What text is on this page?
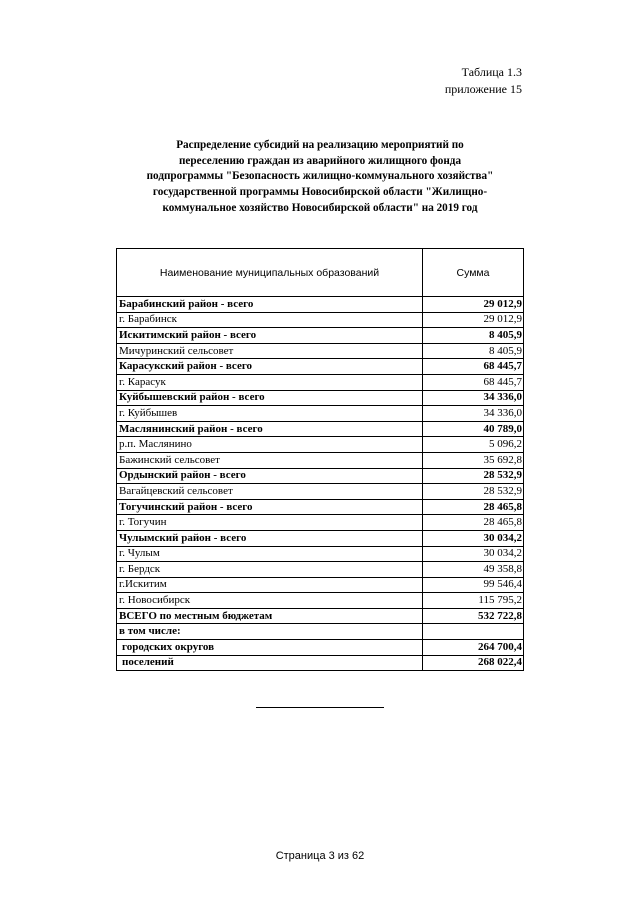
Таблица 1.3
приложение 15
Распределение субсидий на реализацию мероприятий по
переселению граждан из аварийного жилищного фонда
подпрограммы "Безопасность жилищно-коммунального хозяйства"
государственной программы Новосибирской области "Жилищно-
коммунальное хозяйство Новосибирской области" на 2019 год
Наименование муниципальных образований	Сумма
Барабинский район - всего	29 012,9
г. Барабинск	29 012,9
Искитимский район - всего	8 405,9
Мичуринский сельсовет	8 405,9
Карасукский район - всего	68 445,7
г. Карасук	68 445,7
Куйбышевский район - всего	34 336,0
г. Куйбышев	34 336,0
Маслянинский район - всего	40 789,0
р.п. Маслянино	5 096,2
Бажинский сельсовет	35 692,8
Ордынский район - всего	28 532,9
Вагайцевский сельсовет	28 532,9
Тогучинский район - всего	28 465,8
г. Тогучин	28 465,8
Чулымский район - всего	30 034,2
г. Чулым	30 034,2
г. Бердск	49 358,8
г.Искитим	99 546,4
г. Новосибирск	115 795,2
ВСЕГО по местным бюджетам	532 722,8
в том числе:	
городских округов	264 700,4
поселений	268 022,4
Страница 3 из 62
